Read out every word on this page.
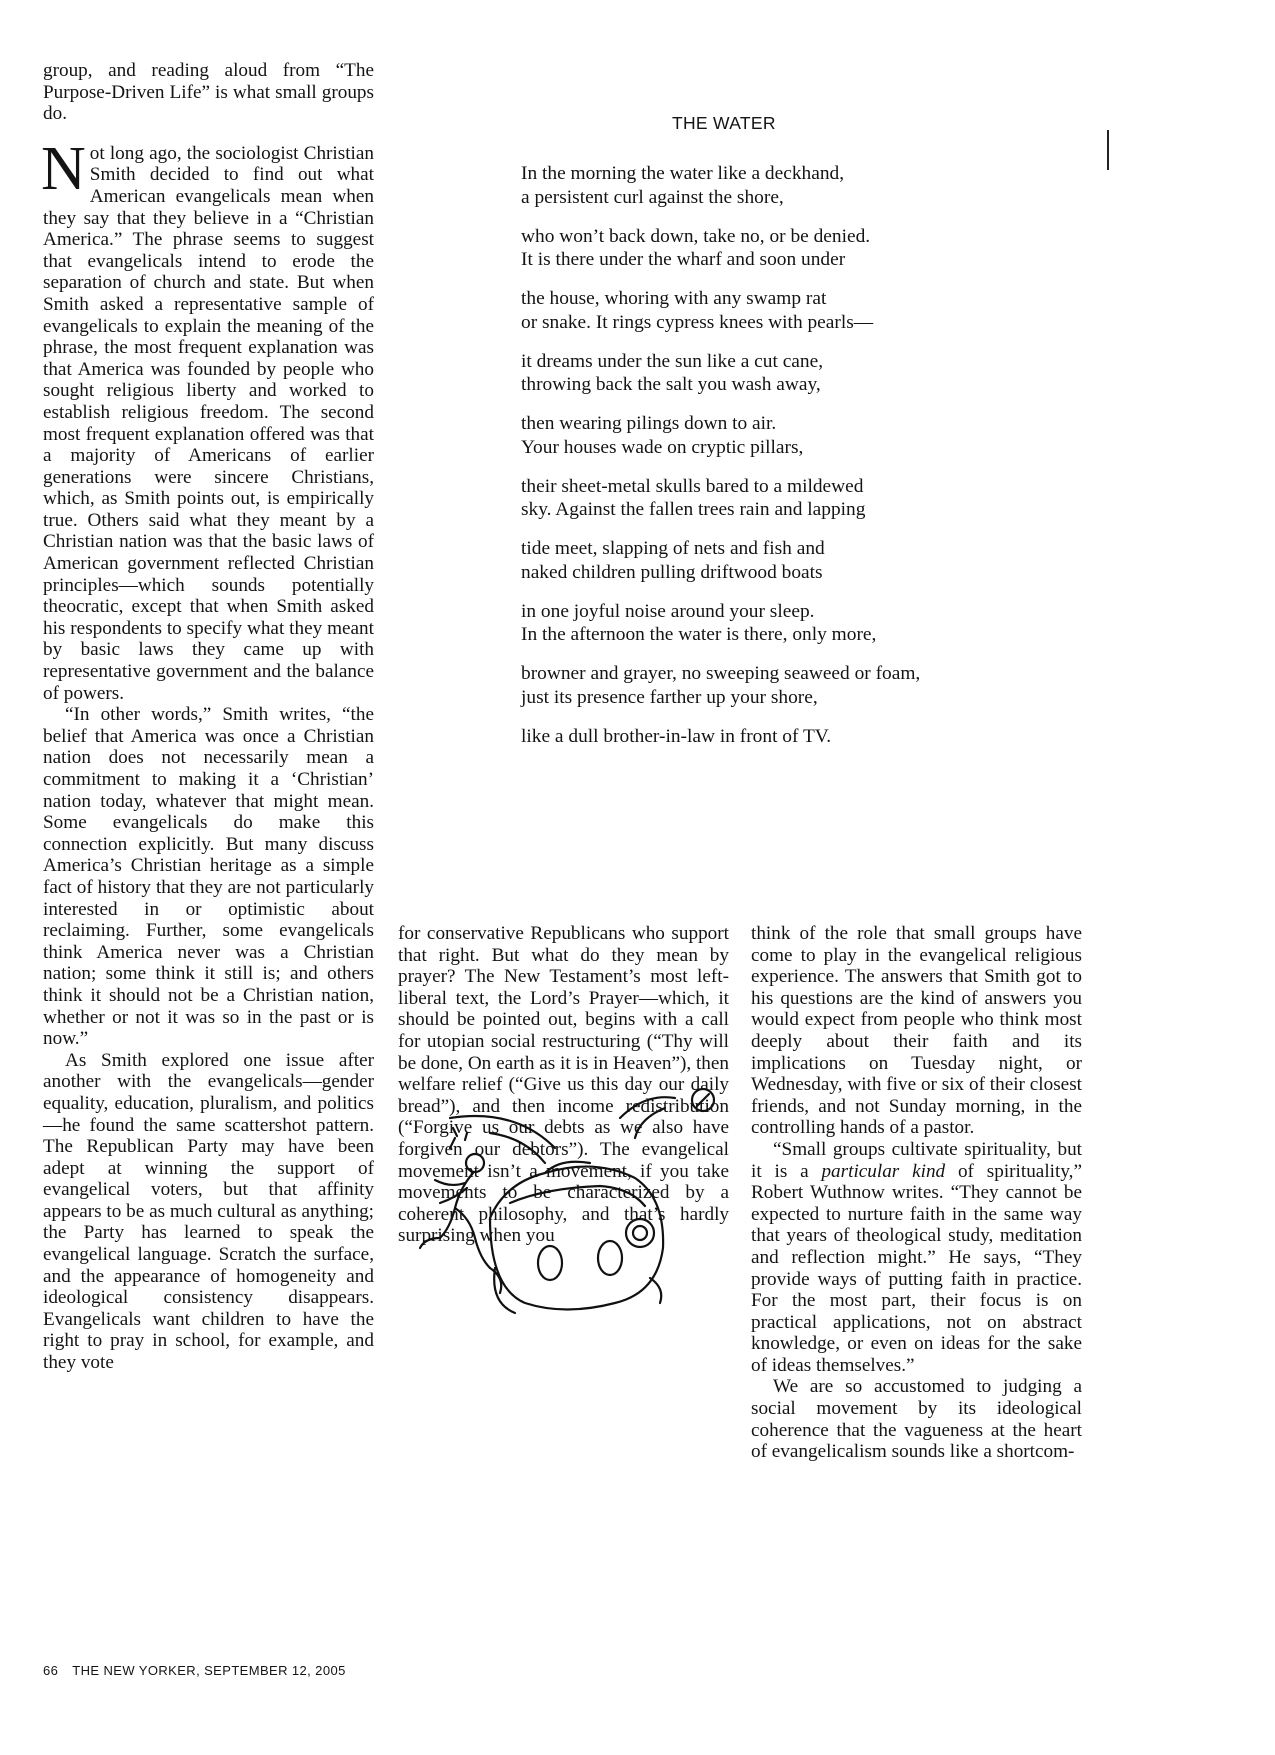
group, and reading aloud from “The Purpose-Driven Life” is what small groups do.

Not long ago, the sociologist Christian Smith decided to find out what American evangelicals mean when they say that they believe in a “Christian America.” The phrase seems to suggest that evangelicals intend to erode the separation of church and state. But when Smith asked a representative sample of evangelicals to explain the meaning of the phrase, the most frequent explanation was that America was founded by people who sought religious liberty and worked to establish religious freedom. The second most frequent explanation offered was that a majority of Americans of earlier generations were sincere Christians, which, as Smith points out, is empirically true. Others said what they meant by a Christian nation was that the basic laws of American government reflected Christian principles—which sounds potentially theocratic, except that when Smith asked his respondents to specify what they meant by basic laws they came up with representative government and the balance of powers.

“In other words,” Smith writes, “the belief that America was once a Christian nation does not necessarily mean a commitment to making it a ‘Christian’ nation today, whatever that might mean. Some evangelicals do make this connection explicitly. But many discuss America’s Christian heritage as a simple fact of history that they are not particularly interested in or optimistic about reclaiming. Further, some evangelicals think America never was a Christian nation; some think it still is; and others think it should not be a Christian nation, whether or not it was so in the past or is now.”

As Smith explored one issue after another with the evangelicals—gender equality, education, pluralism, and politics—he found the same scattershot pattern. The Republican Party may have been adept at winning the support of evangelical voters, but that affinity appears to be as much cultural as anything; the Party has learned to speak the evangelical language. Scratch the surface, and the appearance of homogeneity and ideological consistency disappears. Evangelicals want children to have the right to pray in school, for example, and they vote

THE WATER
In the morning the water like a deckhand,
a persistent curl against the shore,
who won’t back down, take no, or be denied.
It is there under the wharf and soon under
the house, whoring with any swamp rat
or snake. It rings cypress knees with pearls—
it dreams under the sun like a cut cane,
throwing back the salt you wash away,
then wearing pilings down to air.
Your houses wade on cryptic pillars,
their sheet-metal skulls bared to a mildewed
sky. Against the fallen trees rain and lapping
tide meet, slapping of nets and fish and
naked children pulling driftwood boats
in one joyful noise around your sleep.
In the afternoon the water is there, only more,
browner and grayer, no sweeping seaweed or foam,
just its presence farther up your shore,
like a dull brother-in-law in front of TV.

for conservative Republicans who support that right. But what do they mean by prayer? The New Testament’s most left-liberal text, the Lord’s Prayer—which, it should be pointed out, begins with a call for utopian social restructuring (“Thy will be done, On earth as it is in Heaven”), then welfare relief (“Give us this day our daily bread”), and then income redistribution (“Forgive us our debts as we also have forgiven our debtors”). The evangelical movement isn’t a movement, if you take movements to be characterized by a coherent philosophy, and that’s hardly surprising when you

think of the role that small groups have come to play in the evangelical religious experience. The answers that Smith got to his questions are the kind of answers you would expect from people who think most deeply about their faith and its implications on Tuesday night, or Wednesday, with five or six of their closest friends, and not Sunday morning, in the controlling hands of a pastor.

“Small groups cultivate spirituality, but it is a particular kind of spirituality,” Robert Wuthnow writes. “They cannot be expected to nurture faith in the same way that years of theological study, meditation and reflection might.” He says, “They provide ways of putting faith in practice. For the most part, their focus is on practical applications, not on abstract knowledge, or even on ideas for the sake of ideas themselves.”

We are so accustomed to judging a social movement by its ideological coherence that the vagueness at the heart of evangelicalism sounds like a shortcom-

66 THE NEW YORKER, SEPTEMBER 12, 2005
